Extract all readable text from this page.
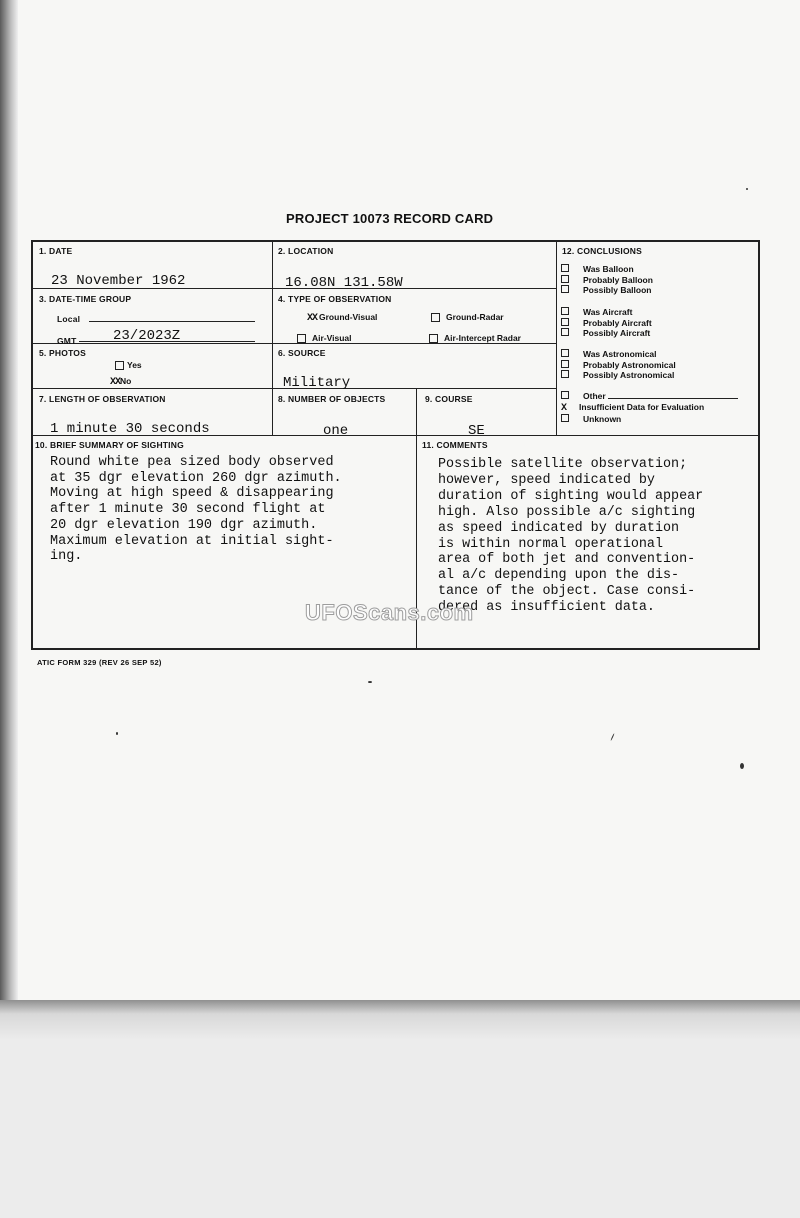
PROJECT 10073 RECORD CARD
1. DATE
23 November 1962
2. LOCATION
16.08N 131.58W
3. DATE-TIME GROUP
Local
GMT	23/2023Z
4. TYPE OF OBSERVATION
XX Ground-Visual	Ground-Radar
Air-Visual	Air-Intercept Radar
5. PHOTOS
Yes
XXNo
6. SOURCE
Military
7. LENGTH OF OBSERVATION
1 minute 30 seconds
8. NUMBER OF OBJECTS
one
9. COURSE
SE
10. BRIEF SUMMARY OF SIGHTING
Round white pea sized body observed
at 35 dgr elevation 260 dgr azimuth.
Moving at high speed & disappearing
after 1 minute 30 second flight at
20 dgr elevation 190 dgr azimuth.
Maximum elevation at initial sight-
ing.
11. COMMENTS
Possible satellite observation;
however, speed indicated by
duration of sighting would appear
high. Also possible a/c sighting
as speed indicated by duration
is within normal operational
area of both jet and convention-
al a/c depending upon the dis-
tance of the object. Case consi-
dered as insufficient data.
12. CONCLUSIONS
Was Balloon
Probably Balloon
Possibly Balloon
Was Aircraft
Probably Aircraft
Possibly Aircraft
Was Astronomical
Probably Astronomical
Possibly Astronomical
Other
X Insufficient Data for Evaluation
Unknown
ATIC FORM 329 (REV 26 SEP 52)
UFOScans.com
